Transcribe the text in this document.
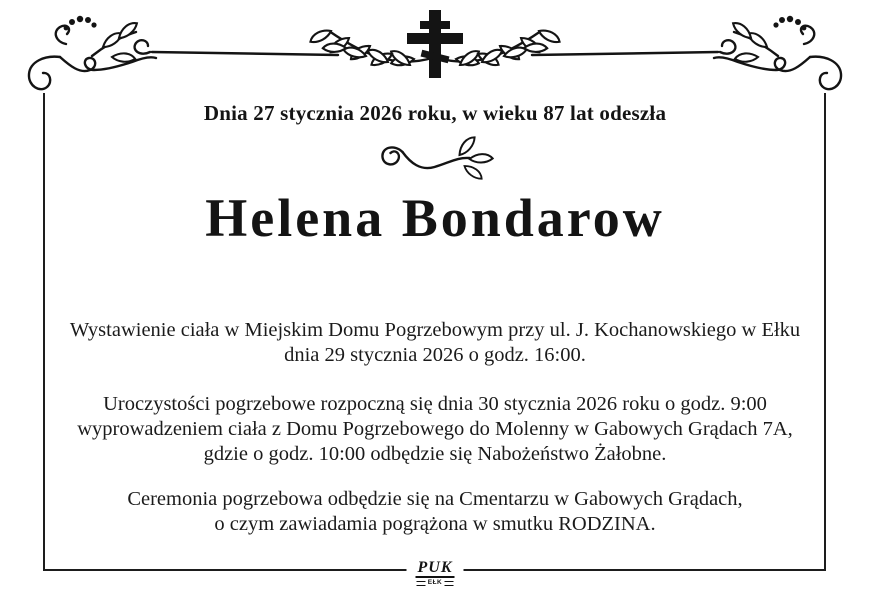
Dnia 27 stycznia 2026 roku, w wieku 87 lat odeszła
Helena Bondarow
Wystawienie ciała w Miejskim Domu Pogrzebowym przy ul. J. Kochanowskiego w Ełku
dnia 29 stycznia 2026 o godz. 16:00.
Uroczystości pogrzebowe rozpoczną się dnia 30 stycznia 2026 roku o godz. 9:00
wyprowadzeniem ciała z Domu Pogrzebowego do Molenny w Gabowych Grądach 7A,
gdzie o godz. 10:00 odbędzie się Nabożeństwo Żałobne.
Ceremonia pogrzebowa odbędzie się na Cmentarzu w Gabowych Grądach,
o czym zawiadamia pogrążona w smutku RODZINA.
PUK
EŁK
